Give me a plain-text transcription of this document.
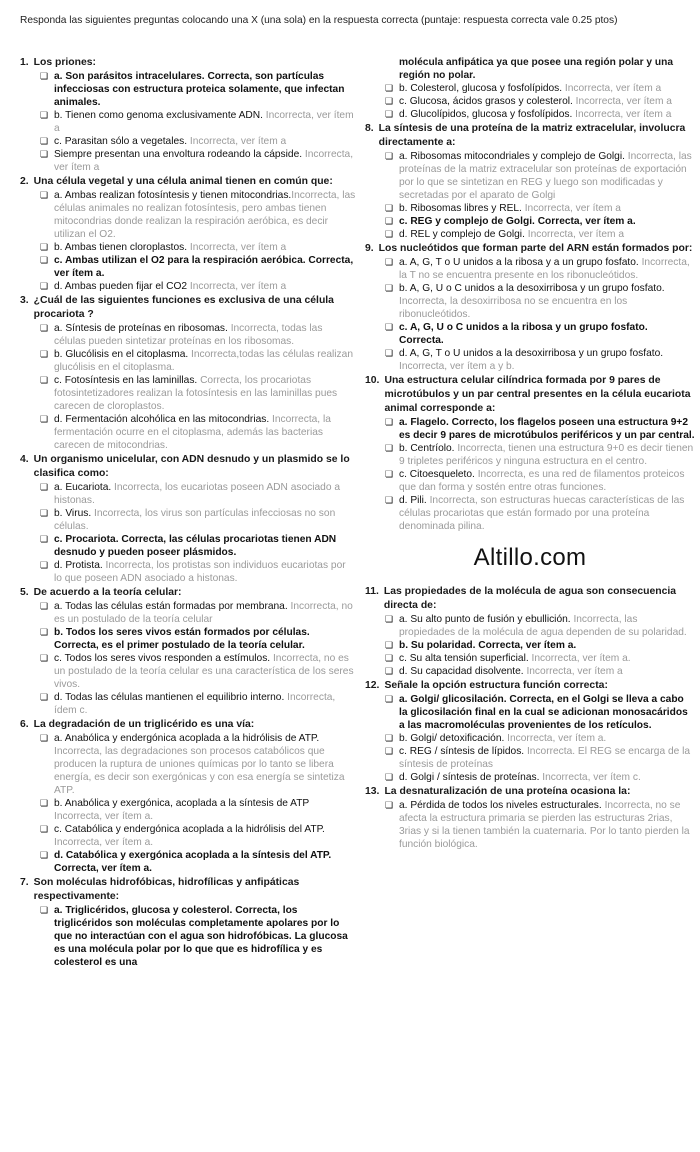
Responda las siguientes preguntas colocando una X (una sola) en la respuesta correcta (puntaje: respuesta correcta vale 0.25 ptos)
1. Los priones:
❏ a. Son parásitos intracelulares. Correcta, son partículas infecciosas con estructura proteica solamente, que infectan animales.
❏ b. Tienen como genoma exclusivamente ADN. Incorrecta, ver ítem a
❏ c. Parasitan sólo a vegetales. Incorrecta, ver ítem a
❏ Siempre presentan una envoltura rodeando la cápside. Incorrecta, ver ítem a
2. Una célula vegetal y una célula animal tienen en común que:
❏ a. Ambas realizan fotosíntesis y tienen mitocondrias.Incorrecta, las células animales no realizan fotosíntesis, pero ambas tienen mitocondrias donde realizan la respiración aeróbica, es decir utilizan el O2.
❏ b. Ambas tienen cloroplastos. Incorrecta, ver ítem a
❏ c. Ambas utilizan el O2 para la respiración aeróbica. Correcta, ver ítem a.
❏ d. Ambas pueden fijar el CO2 Incorrecta, ver ítem a
3. ¿Cuál de las siguientes funciones es exclusiva de una célula procariota ?
❏ a. Síntesis de proteínas en ribosomas. Incorrecta, todas las células pueden sintetizar proteínas en los ribosomas.
❏ b. Glucólisis en el citoplasma. Incorrecta,todas las células realizan glucólisis en el citoplasma.
❏ c. Fotosíntesis en las laminillas. Correcta, los procariotas fotosintetizadores realizan la fotosíntesis en las laminillas pues carecen de cloroplastos.
❏ d. Fermentación alcohólica en las mitocondrias. Incorrecta, la fermentación ocurre en el citoplasma, además las bacterias carecen de mitocondrias.
4. Un organismo unicelular, con ADN desnudo y un plasmido se lo clasifica como:
❏ a. Eucariota. Incorrecta, los eucariotas poseen ADN asociado a histonas.
❏ b. Virus. Incorrecta, los virus son partículas infecciosas no son células.
❏ c. Procariota. Correcta, las células procariotas tienen ADN desnudo y pueden poseer plásmidos.
❏ d. Protista. Incorrecta, los protistas son individuos eucariotas por lo que poseen ADN asociado a histonas.
5. De acuerdo a la teoría celular:
❏ a. Todas las células están formadas por membrana. Incorrecta, no es un postulado de la teoría celular
❏ b. Todos los seres vivos están formados por células. Correcta, es el primer postulado de la teoría celular.
❏ c. Todos los seres vivos responden a estímulos. Incorrecta, no es un postulado de la teoría celular es una característica de los seres vivos.
❏ d. Todas las células mantienen el equilibrio interno. Incorrecta, ídem c.
6. La degradación de un triglicérido es una vía:
❏ a. Anabólica y endergónica acoplada a la hidrólisis de ATP. Incorrecta, las degradaciones son procesos catabólicos que producen la ruptura de uniones químicas por lo tanto se libera energía, es decir son exergónicas y con esa energía se sintetiza ATP.
❏ b. Anabólica y exergónica, acoplada a la síntesis de ATP Incorrecta, ver ítem a.
❏ c. Catabólica y endergónica acoplada a la hidrólisis del ATP. Incorrecta, ver ítem a.
❏ d. Catabólica y exergónica acoplada a la síntesis del ATP. Correcta, ver ítem a.
7. Son moléculas hidrofóbicas, hidrofílicas y anfipáticas respectivamente:
❏ a. Triglicéridos, glucosa y colesterol. Correcta, los triglicéridos son moléculas completamente apolares por lo que no interactúan con el agua son hidrofóbicas. La glucosa es una molécula polar por lo que que es hidrofílica y es colesterol es una
molécula anfipática ya que posee una región polar y una región no polar.
❏ b. Colesterol, glucosa y fosfolípidos. Incorrecta, ver ítem a
❏ c. Glucosa, ácidos grasos y colesterol. Incorrecta, ver ítem a
❏ d. Glucolípidos, glucosa y fosfolípidos. Incorrecta, ver ítem a
8. La síntesis de una proteína de la matriz extracelular, involucra directamente a:
❏ a. Ribosomas mitocondriales y complejo de Golgi. Incorrecta, las proteínas de la matriz extracelular son proteínas de exportación por lo que se sintetizan en REG y luego son modificadas y secretadas por el aparato de Golgi
❏ b. Ribosomas libres y REL. Incorrecta, ver ítem a
❏ c. REG y complejo de Golgi. Correcta, ver ítem a.
❏ d. REL y complejo de Golgi. Incorrecta, ver ítem a
9. Los nucleótidos que forman parte del ARN están formados por:
❏ a. A, G, T o U unidos a la ribosa y a un grupo fosfato. Incorrecta, la T no se encuentra presente en los ribonucleótidos.
❏ b. A, G, U o C unidos a la desoxirribosa y un grupo fosfato. Incorrecta, la desoxirribosa no se encuentra en los ribonucleótidos.
❏ c. A, G, U o C unidos a la ribosa y un grupo fosfato. Correcta.
❏ d. A, G, T o U unidos a la desoxirribosa y un grupo fosfato. Incorrecta, ver ítem a y b.
10. Una estructura celular cilíndrica formada por 9 pares de microtúbulos y un par central presentes en la célula eucariota animal corresponde a:
❏ a. Flagelo. Correcto, los flagelos poseen una estructura 9+2 es decir 9 pares de microtúbulos periféricos y un par central.
❏ b. Centríolo. Incorrecta, tienen una estructura 9+0 es decir tienen 9 tripletes periféricos y ninguna estructura en el centro.
❏ c. Citoesqueleto. Incorrecta, es una red de filamentos proteicos que dan forma y sostén entre otras funciones.
❏ d. Pili. Incorrecta, son estructuras huecas características de las células procariotas que están formado por una proteína denominada pilina.
Altillo.com
11. Las propiedades de la molécula de agua son consecuencia directa de:
❏ a. Su alto punto de fusión y ebullición. Incorrecta, las propiedades de la molécula de agua dependen de su polaridad.
❏ b. Su polaridad. Correcta, ver ítem a.
❏ c. Su alta tensión superficial. Incorrecta, ver ítem a.
❏ d. Su capacidad disolvente. Incorrecta, ver ítem a
12. Señale la opción estructura función correcta:
❏ a. Golgi/ glicosilación. Correcta, en el Golgi se lleva a cabo la glicosilación final en la cual se adicionan monosacáridos a las macromoléculas provenientes de los retículos.
❏ b. Golgi/ detoxificación. Incorrecta, ver ítem a.
❏ c. REG / síntesis de lípidos. Incorrecta. El REG se encarga de la síntesis de proteínas
❏ d. Golgi / síntesis de proteínas. Incorrecta, ver ítem c.
13. La desnaturalización de una proteína ocasiona la:
❏ a. Pérdida de todos los niveles estructurales. Incorrecta, no se afecta la estructura primaria se pierden las estructuras 2rias, 3rias y si la tienen también la cuaternaria. Por lo tanto pierden la función biológica.
